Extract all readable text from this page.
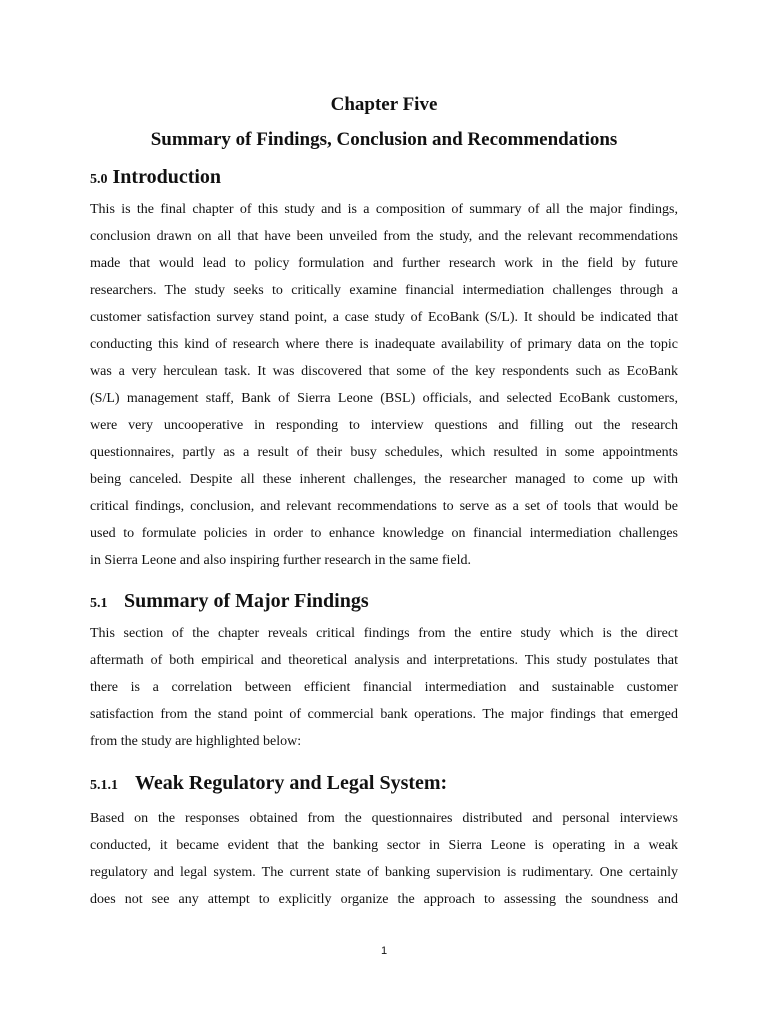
Chapter Five
Summary of Findings, Conclusion and Recommendations
5.0 Introduction
This is the final chapter of this study and is a composition of summary of all the major findings,
conclusion drawn on all that have been unveiled from the study, and the relevant recommendations
made that would lead to policy formulation and further research work in the field by future
researchers. The study seeks to critically examine financial intermediation challenges through a
customer satisfaction survey stand point, a case study of EcoBank (S/L). It should be indicated that
conducting this kind of research where there is inadequate availability of primary data on the topic
was a very herculean task. It was discovered that some of the key respondents such as EcoBank
(S/L) management staff, Bank of Sierra Leone (BSL) officials, and selected EcoBank customers,
were very uncooperative in responding to interview questions and filling out the research
questionnaires, partly as a result of their busy schedules, which resulted in some appointments
being canceled. Despite all these inherent challenges, the researcher managed to come up with
critical findings, conclusion, and relevant recommendations to serve as a set of tools that would be
used to formulate policies in order to enhance knowledge on financial intermediation challenges
in Sierra Leone and also inspiring further research in the same field.
5.1 Summary of Major Findings
This section of the chapter reveals critical findings from the entire study which is the direct
aftermath of both empirical and theoretical analysis and interpretations. This study postulates that
there is a correlation between efficient financial intermediation and sustainable customer
satisfaction from the stand point of commercial bank operations. The major findings that emerged
from the study are highlighted below:
5.1.1 Weak Regulatory and Legal System:
Based on the responses obtained from the questionnaires distributed and personal interviews
conducted, it became evident that the banking sector in Sierra Leone is operating in a weak
regulatory and legal system. The current state of banking supervision is rudimentary. One certainly
does not see any attempt to explicitly organize the approach to assessing the soundness and
1
